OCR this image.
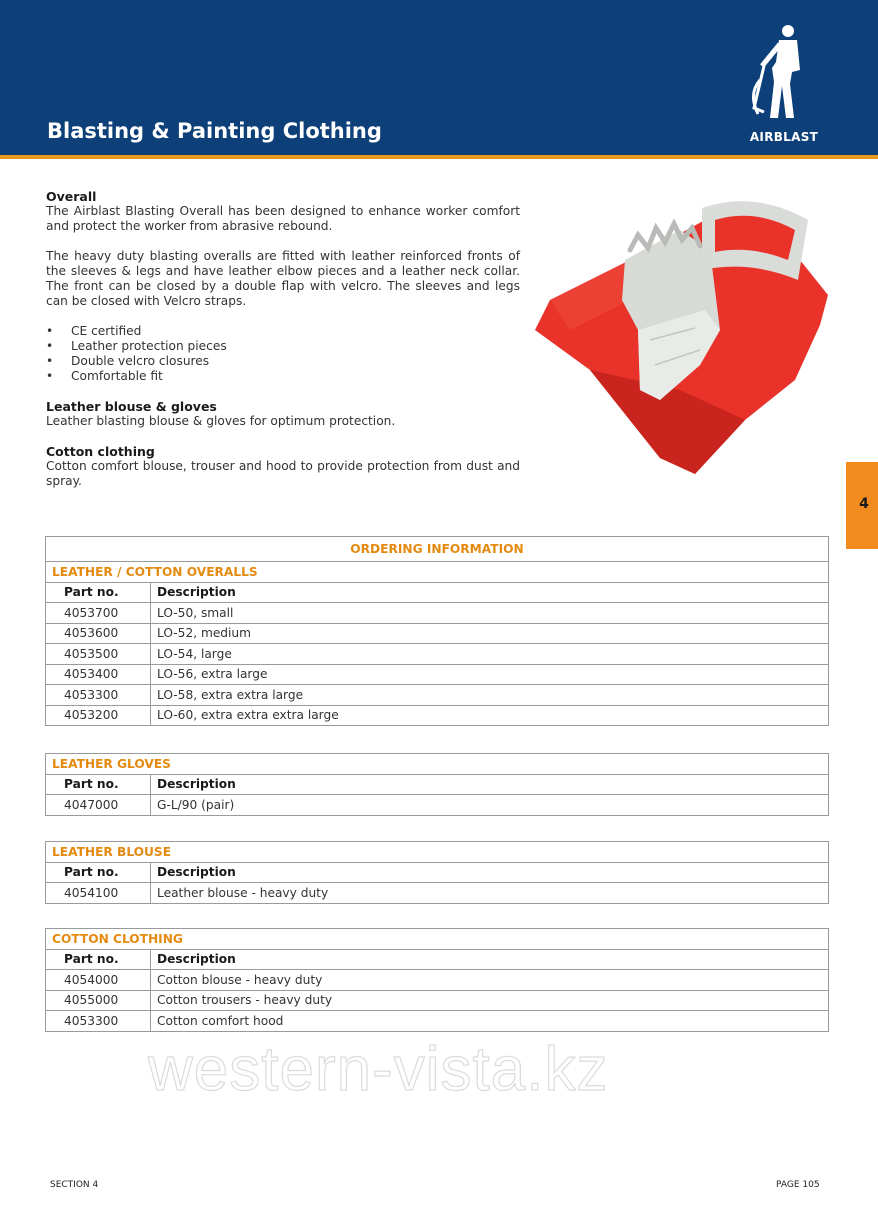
Blasting & Painting Clothing	AIRBLAST
Overall

The Airblast Blasting Overall has been designed to enhance worker comfort and protect the worker from abrasive rebound.

The heavy duty blasting overalls are fitted with leather reinforced fronts of the sleeves & legs and have leather elbow pieces and a leather neck collar. The front can be closed by a double flap with velcro. The sleeves and legs can be closed with Velcro straps.

• CE certified
• Leather protection pieces
• Double velcro closures
• Comfortable fit
Leather blouse & gloves

Leather blasting blouse & gloves for optimum protection.

Cotton clothing

Cotton comfort blouse, trouser and hood to provide protection from dust and spray.

4
ORDERING INFORMATION	
LEATHER / COTTON OVERALLS	
Part no.	Description
4053700	LO-50, small
4053600	LO-52, medium
4053500	LO-54, large
4053400	LO-56, extra large
4053300	LO-58, extra extra large
4053200	LO-60, extra extra extra large
LEATHER GLOVES	
Part no.	Description
4047000	G-L/90 (pair)
LEATHER BLOUSE	
Part no.	Description
4054100	Leather blouse - heavy duty
COTTON CLOTHING	
Part no.	Description
4054000	Cotton blouse - heavy duty
4055000	Cotton trousers - heavy duty
4053300	Cotton comfort hood
western-vista.kz
SECTION 4	PAGE 105
